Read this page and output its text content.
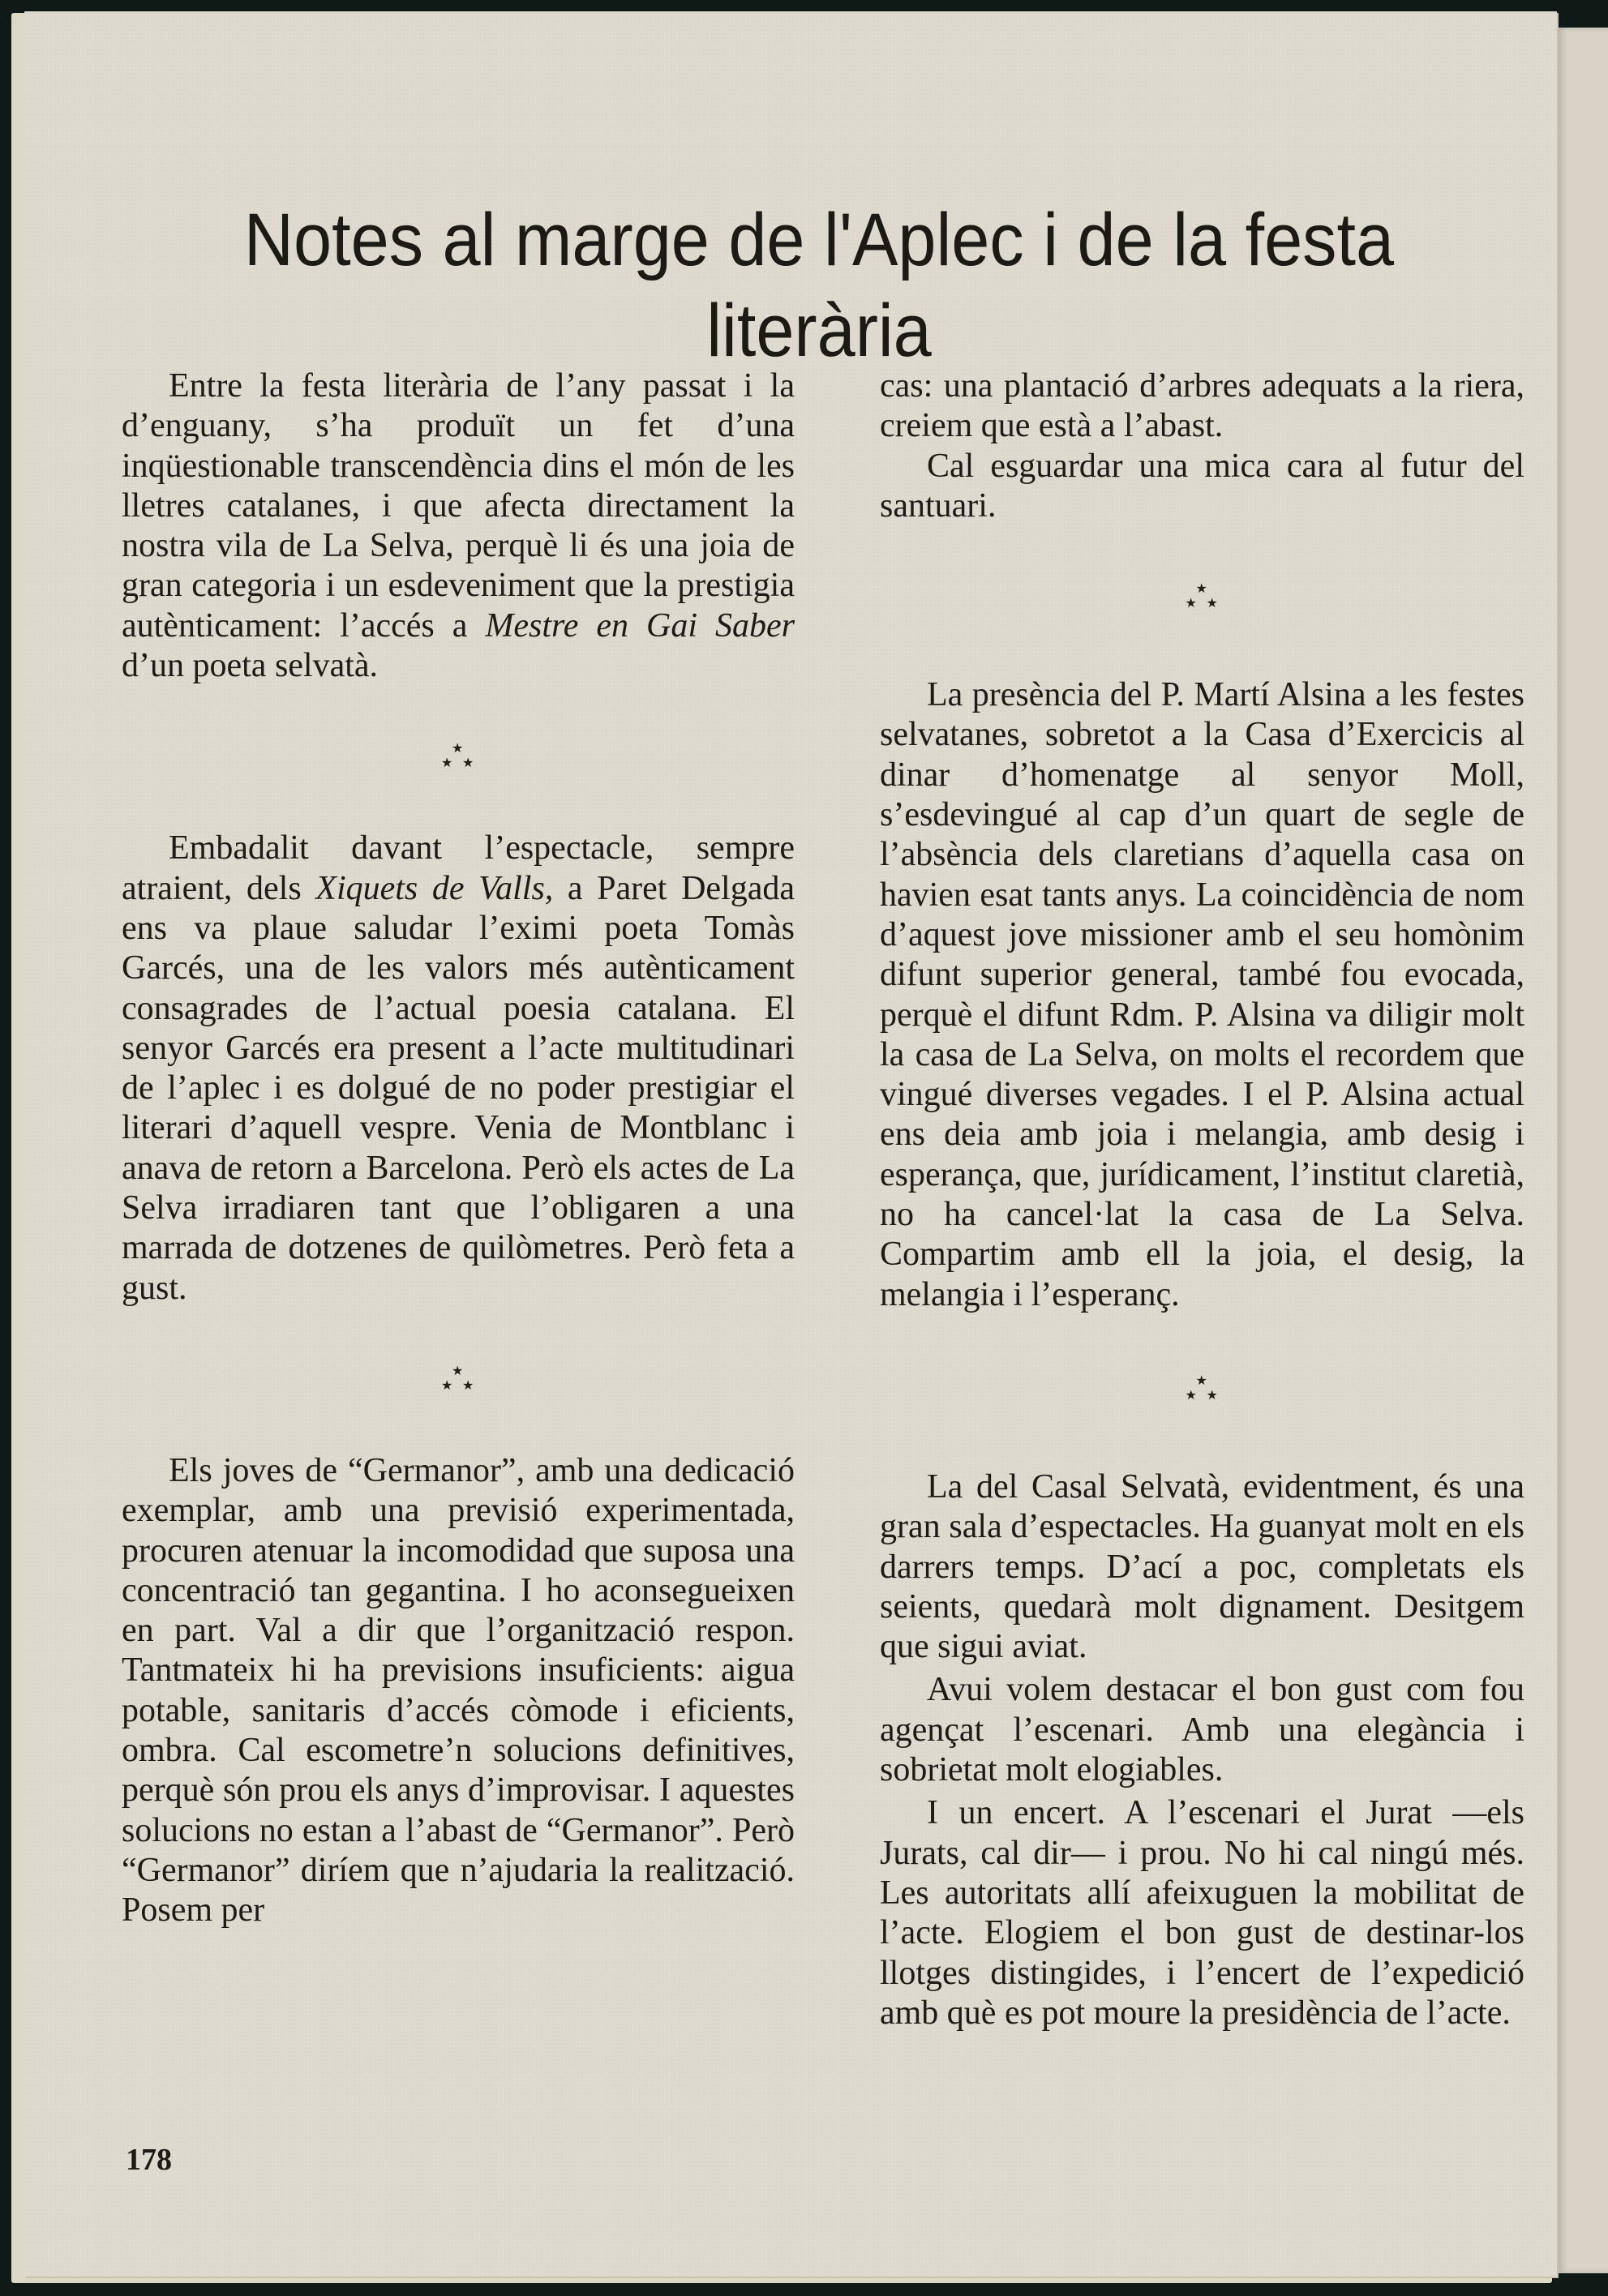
Notes al marge de l'Aplec i de la festa literària

Entre la festa literària de l’any passat i la d’enguany, s’ha produït un fet d’una inqüestionable transcendència dins el món de les lletres catalanes, i que afecta directament la nostra vila de La Selva, perquè li és una joia de gran categoria i un esdeveniment que la prestigia autènticament: l’accés a Mestre en Gai Saber d’un poeta selvatà.

★
★ ★

Embadalit davant l’espectacle, sempre atraient, dels Xiquets de Valls, a Paret Delgada ens va plaue saludar l’eximi poeta Tomàs Garcés, una de les valors més autènticament consagrades de l’actual poesia catalana. El senyor Garcés era present a l’acte multitudinari de l’aplec i es dolgué de no poder prestigiar el literari d’aquell vespre. Venia de Montblanc i anava de retorn a Barcelona. Però els actes de La Selva irradiaren tant que l’obligaren a una marrada de dotzenes de quilòmetres. Però feta a gust.

★
★ ★

Els joves de “Germanor”, amb una dedicació exemplar, amb una previsió experimentada, procuren atenuar la incomodidad que suposa una concentració tan gegantina. I ho aconsegueixen en part. Val a dir que l’organització respon. Tantmateix hi ha previsions insuficients: aigua potable, sanitaris d’accés còmode i eficients, ombra. Cal escometre’n solucions definitives, perquè són prou els anys d’improvisar. I aquestes solucions no estan a l’abast de “Germanor”. Però “Germanor” diríem que n’ajudaria la realització. Posem per

cas: una plantació d’arbres adequats a la riera, creiem que està a l’abast.

Cal esguardar una mica cara al futur del santuari.

★
★ ★

La presència del P. Martí Alsina a les festes selvatanes, sobretot a la Casa d’Exercicis al dinar d’homenatge al senyor Moll, s’esdevingué al cap d’un quart de segle de l’absència dels claretians d’aquella casa on havien esat tants anys. La coincidència de nom d’aquest jove missioner amb el seu homònim difunt superior general, també fou evocada, perquè el difunt Rdm. P. Alsina va diligir molt la casa de La Selva, on molts el recordem que vingué diverses vegades. I el P. Alsina actual ens deia amb joia i melangia, amb desig i esperança, que, jurídicament, l’institut claretià, no ha cancel·lat la casa de La Selva. Compartim amb ell la joia, el desig, la melangia i l’esperanç.

★
★ ★

La del Casal Selvatà, evidentment, és una gran sala d’espectacles. Ha guanyat molt en els darrers temps. D’ací a poc, completats els seients, quedarà molt dignament. Desitgem que sigui aviat.

Avui volem destacar el bon gust com fou agençat l’escenari. Amb una elegància i sobrietat molt elogiables.

I un encert. A l’escenari el Jurat —els Jurats, cal dir— i prou. No hi cal ningú més. Les autoritats allí afeixuguen la mobilitat de l’acte. Elogiem el bon gust de destinar-los llotges distingides, i l’encert de l’expedició amb què es pot moure la presidència de l’acte.

178
